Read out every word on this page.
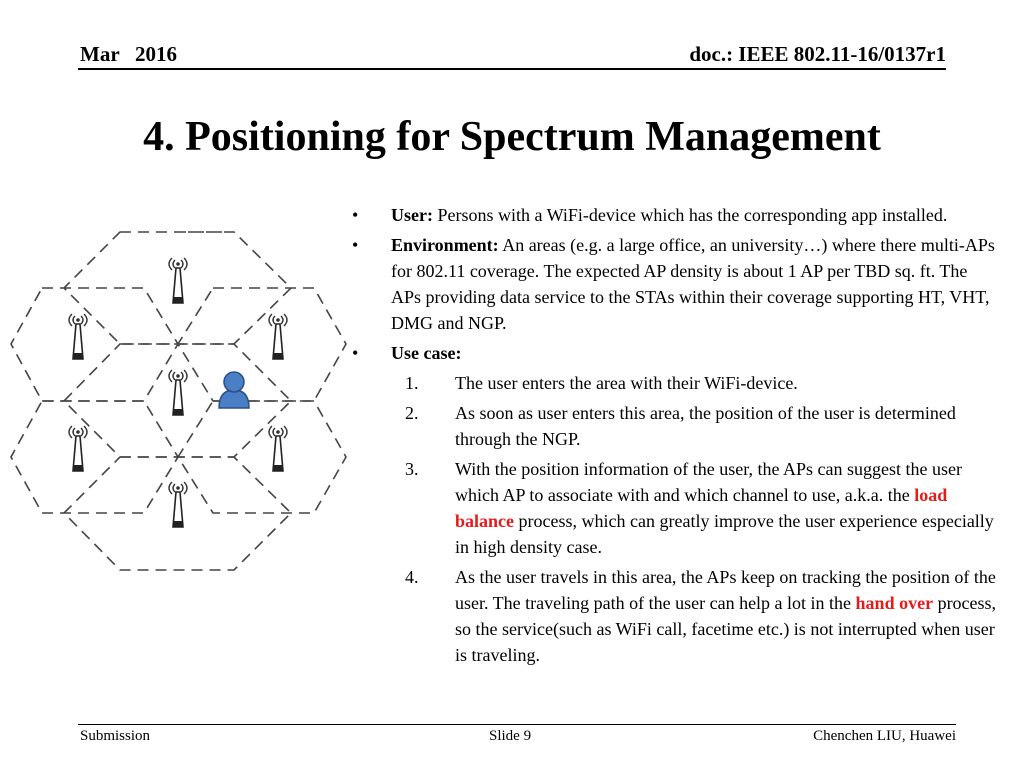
Mar   2016	doc.: IEEE 802.11-16/0137r1
4. Positioning for Spectrum Management
• User: Persons with a WiFi-device which has the corresponding app installed.
• Environment: An areas (e.g. a large office, an university…) where there multi-APs for 802.11 coverage. The expected AP density is about 1 AP per TBD sq. ft. The APs providing data service to the STAs within their coverage supporting HT, VHT, DMG and NGP.
• Use case:
1. The user enters the area with their WiFi-device.
2. As soon as user enters this area, the position of the user is determined through the NGP.
3. With the position information of the user, the APs can suggest the user which AP to associate with and which channel to use, a.k.a. the load balance process, which can greatly improve the user experience especially in high density case.
4. As the user travels in this area, the APs keep on tracking the position of the user. The traveling path of the user can help a lot in the hand over process, so the service(such as WiFi call, facetime etc.) is not interrupted when user is traveling.
Submission	Slide 9	Chenchen LIU, Huawei
